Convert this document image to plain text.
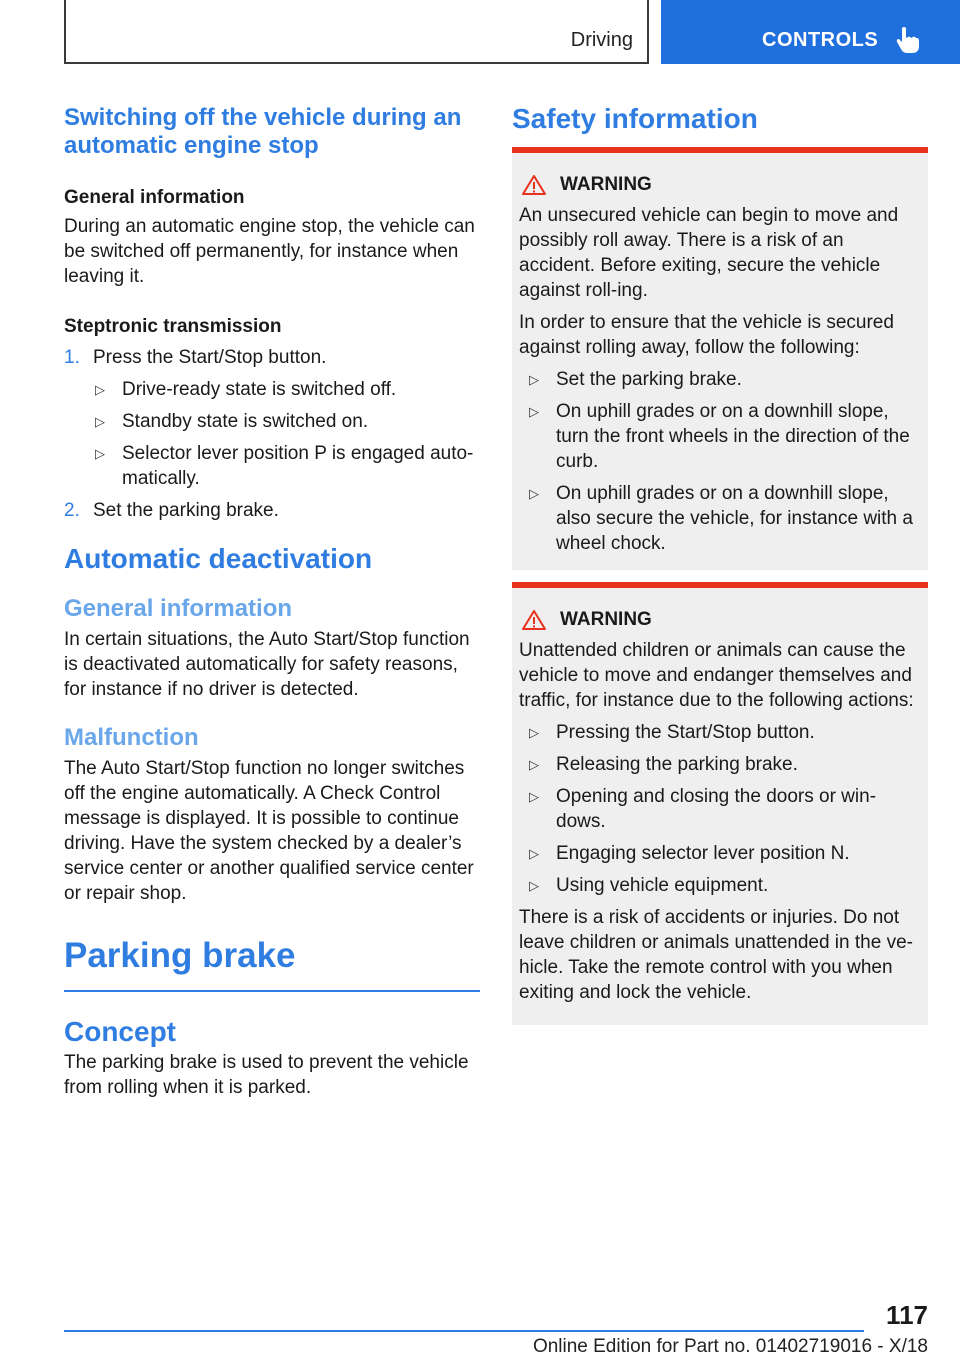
Driving	CONTROLS
Switching off the vehicle during an
automatic engine stop
General information

During an automatic engine stop, the vehicle can be switched off permanently, for instance when leaving it.

Steptronic transmission
1. Press the Start/Stop button.
▷ Drive-ready state is switched off.
▷ Standby state is switched on.
▷ Selector lever position P is engaged auto-matically.
2. Set the parking brake.
Automatic deactivation
General information

In certain situations, the Auto Start/Stop function is deactivated automatically for safety reasons, for instance if no driver is detected.

Malfunction

The Auto Start/Stop function no longer switches off the engine automatically. A Check Control message is displayed. It is possible to continue driving. Have the system checked by a dealer’s service center or another qualified service center or repair shop.

Parking brake
Concept

The parking brake is used to prevent the vehicle from rolling when it is parked.

Safety information
WARNING

An unsecured vehicle can begin to move and possibly roll away. There is a risk of an accident. Before exiting, secure the vehicle against roll-ing.

In order to ensure that the vehicle is secured against rolling away, follow the following:

▷ Set the parking brake.
▷ On uphill grades or on a downhill slope, turn the front wheels in the direction of the curb.
▷ On uphill grades or on a downhill slope, also secure the vehicle, for instance with a wheel chock.
WARNING

Unattended children or animals can cause the vehicle to move and endanger themselves and traffic, for instance due to the following actions:

▷ Pressing the Start/Stop button.
▷ Releasing the parking brake.
▷ Opening and closing the doors or win-dows.
▷ Engaging selector lever position N.
▷ Using vehicle equipment.

There is a risk of accidents or injuries. Do not leave children or animals unattended in the ve-hicle. Take the remote control with you when exiting and lock the vehicle.

117
Online Edition for Part no. 01402719016 - X/18
